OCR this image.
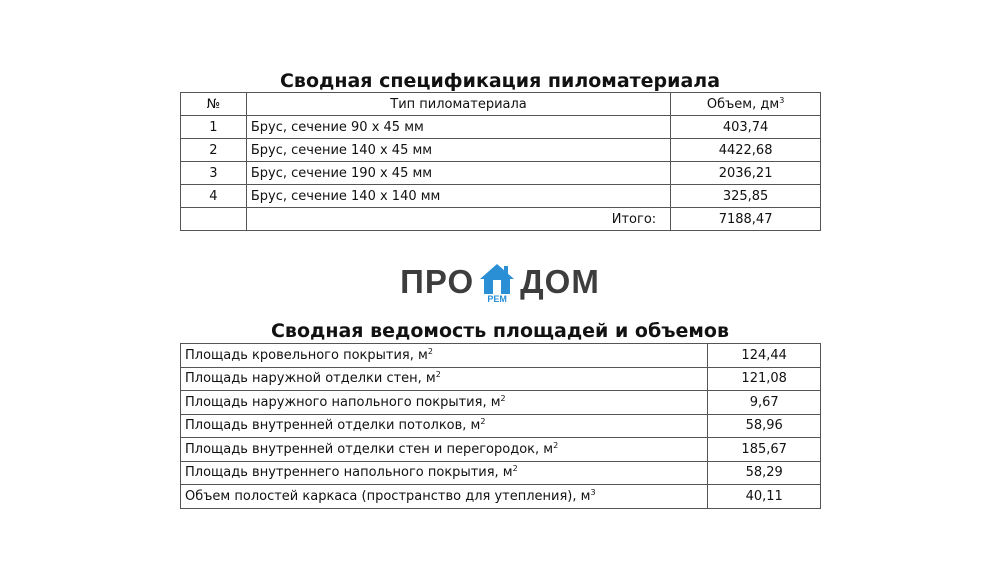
Сводная спецификация пиломатериала
№	Тип пиломатериала	Объем, $дм^3$
1	Брус, сечение 90 х 45 мм	403,74
2	Брус, сечение 140 х 45 мм	4422,68
3	Брус, сечение 190 х 45 мм	2036,21
4	Брус, сечение 140 х 140 мм	325,85
	Итого:	7188,47
ПРО	РЕМ ДОМ
Сводная ведомость площадей и объемов
Площадь кровельного покрытия, $м^2$	124,44
Площадь наружной отделки стен, $м^2$	121,08
Площадь наружного напольного покрытия, $м^2$	9,67
Площадь внутренней отделки потолков, $м^2$	58,96
Площадь внутренней отделки стен и перегородок, $м^2$	185,67
Площадь внутреннего напольного покрытия, $м^2$	58,29
Объем полостей каркаса (пространство для утепления), $м^3$	40,11
